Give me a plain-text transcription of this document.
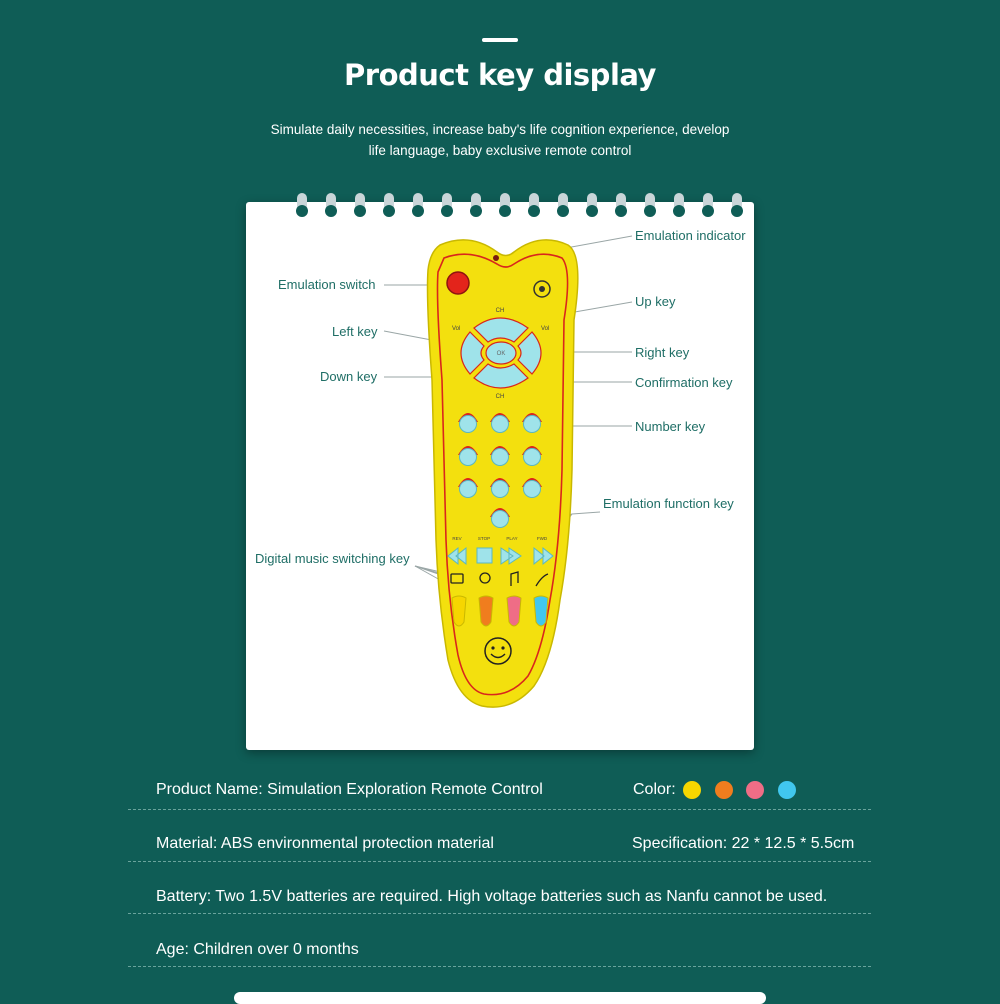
Product key display
Simulate daily necessities, increase baby's life cognition experience, develop
life language, baby exclusive remote control
CH
CH
Vol	Vol
OK
REV	STOP	PLAY	FWD
Emulation indicator
Emulation switch
Up key
Left key
Right key
Down key	Confirmation key
Number key
Emulation function key
Digital music switching key
Product Name: Simulation Exploration Remote Control	Color:
Material: ABS environmental protection material	Specification: 22 * 12.5 * 5.5cm
Battery: Two 1.5V batteries are required. High voltage batteries such as Nanfu cannot be used.
Age: Children over 0 months
